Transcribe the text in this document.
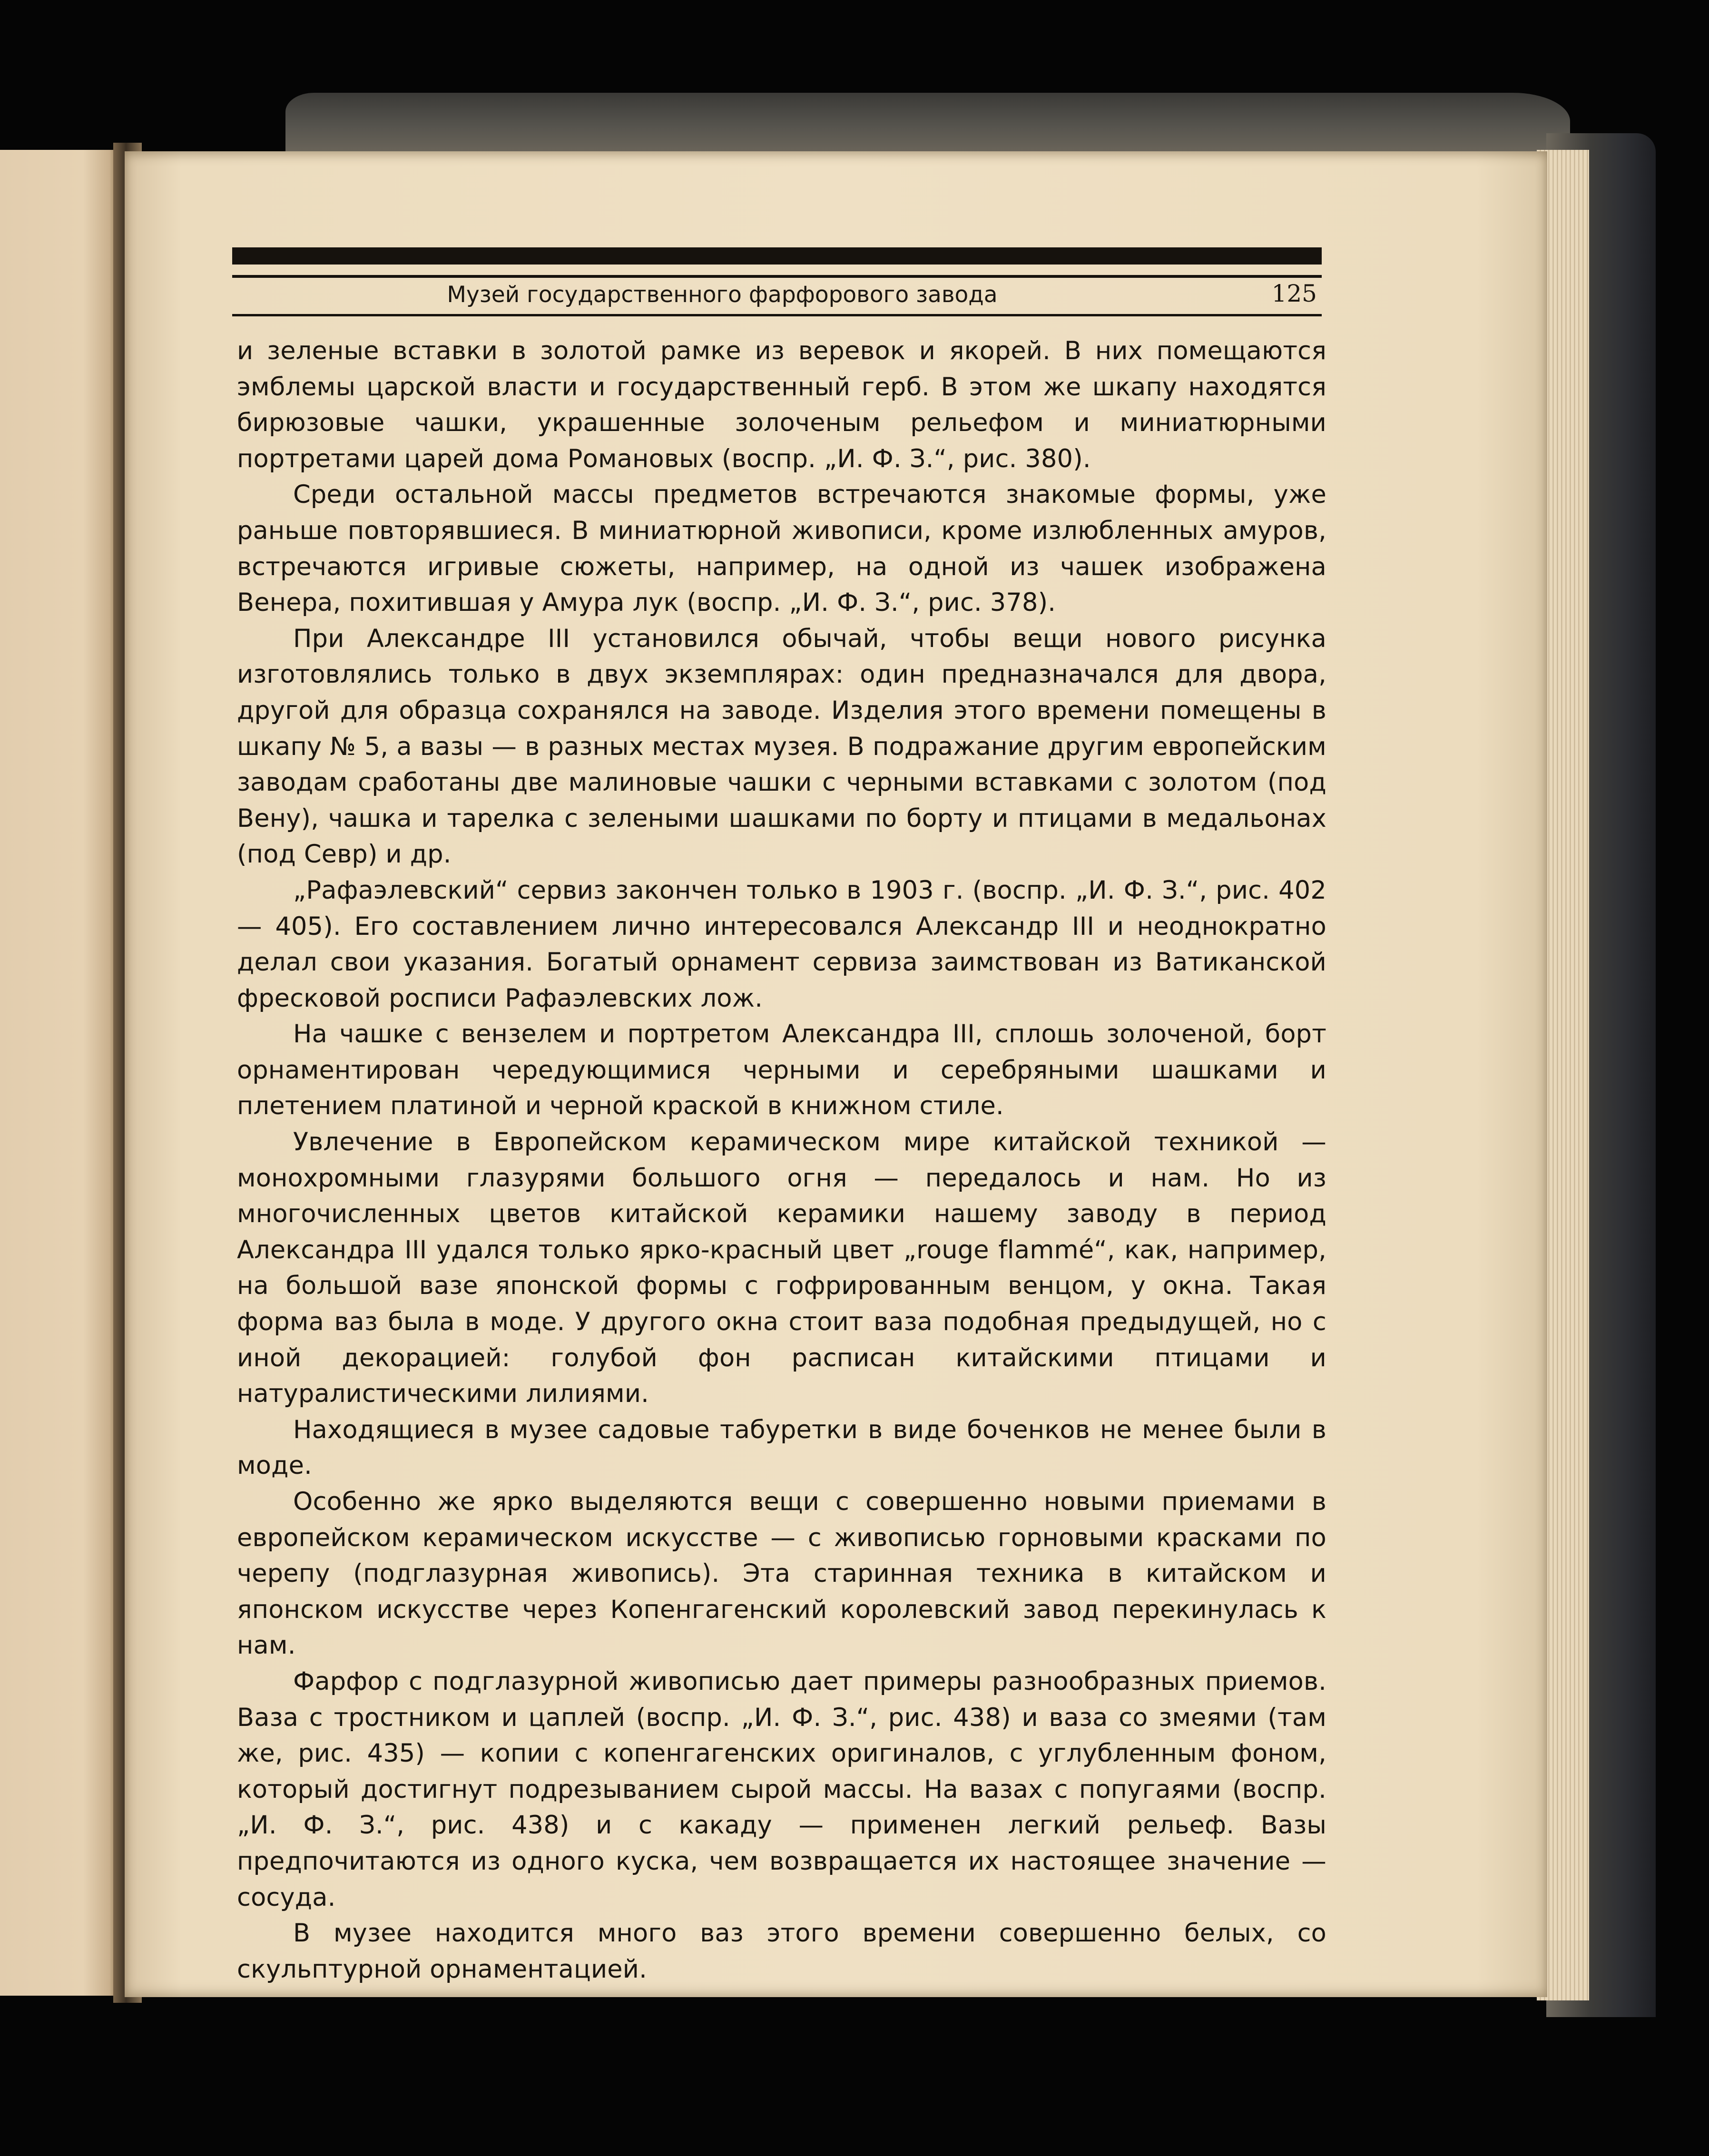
Музей государственного фарфорового завода	125

и зеленые вставки в золотой рамке из веревок и якорей. В них помещаются эмблемы царской власти и государственный герб. В этом же шкапу находятся бирюзовые чашки, украшенные золоченым рельефом и миниатюрными портретами царей дома Романовых (воспр. „И. Ф. З.“, рис. 380).

Среди остальной массы предметов встречаются знакомые формы, уже раньше повторявшиеся. В миниатюрной живописи, кроме излюбленных амуров, встречаются игривые сюжеты, например, на одной из чашек изображена Венера, похитившая у Амура лук (воспр. „И. Ф. З.“, рис. 378).

При Александре III установился обычай, чтобы вещи нового рисунка изготовлялись только в двух экземплярах: один предназначался для двора, другой для образца сохранялся на заводе. Изделия этого времени помещены в шкапу № 5, а вазы — в разных местах музея. В подражание другим европейским заводам сработаны две малиновые чашки с черными вставками с золотом (под Вену), чашка и тарелка с зелеными шашками по борту и птицами в медальонах (под Севр) и др.

„Рафаэлевский“ сервиз закончен только в 1903 г. (воспр. „И. Ф. З.“, рис. 402 — 405). Его составлением лично интересовался Александр III и неоднократно делал свои указания. Богатый орнамент сервиза заимствован из Ватиканской фресковой росписи Рафаэлевских лож.

На чашке с вензелем и портретом Александра III, сплошь золоченой, борт орнаментирован чередующимися черными и серебряными шашками и плетением платиной и черной краской в книжном стиле.

Увлечение в Европейском керамическом мире китайской техникой — монохромными глазурями большого огня — передалось и нам. Но из многочисленных цветов китайской керамики нашему заводу в период Александра III удался только ярко-красный цвет „rouge flammé“, как, например, на большой вазе японской формы с гофрированным венцом, у окна. Такая форма ваз была в моде. У другого окна стоит ваза подобная предыдущей, но с иной декорацией: голубой фон расписан китайскими птицами и натуралистическими лилиями.

Находящиеся в музее садовые табуретки в виде боченков не менее были в моде.

Особенно же ярко выделяются вещи с совершенно новыми приемами в европейском керамическом искусстве — с живописью горновыми красками по черепу (подглазурная живопись). Эта старинная техника в китайском и японском искусстве через Копенгагенский королевский завод перекинулась к нам.

Фарфор с подглазурной живописью дает примеры разнообразных приемов. Ваза с тростником и цаплей (воспр. „И. Ф. З.“, рис. 438) и ваза со змеями (там же, рис. 435) — копии с копенгагенских оригиналов, с углубленным фоном, который достигнут подрезыванием сырой массы. На вазах с попугаями (воспр. „И. Ф. З.“, рис. 438) и с какаду — применен легкий рельеф. Вазы предпочитаются из одного куска, чем возвращается их настоящее значение — сосуда.

В музее находится много ваз этого времени совершенно белых, со скульптурной орнаментацией.
